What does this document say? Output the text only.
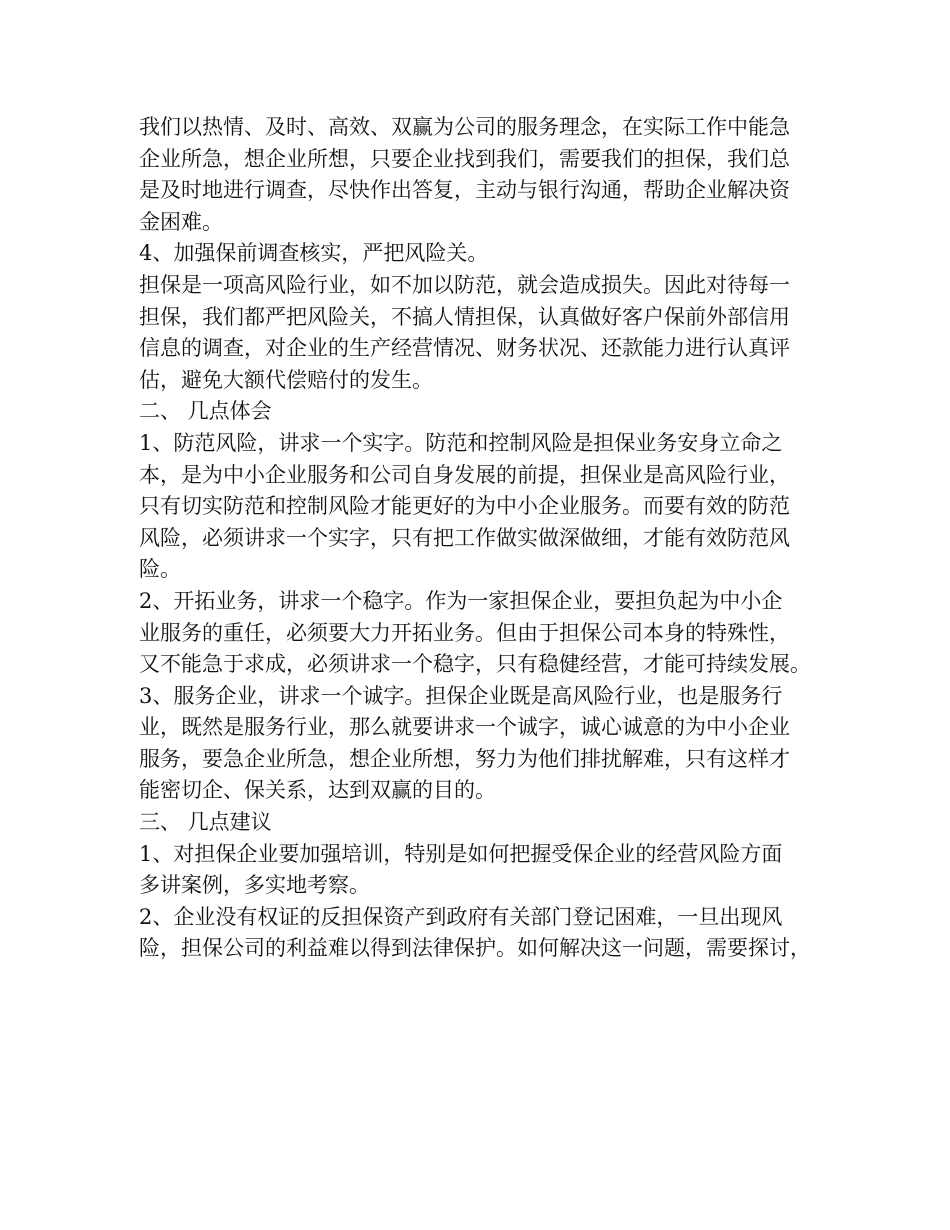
我们以热情、及时、高效、双赢为公司的服务理念，在实际工作中能急
企业所急，想企业所想，只要企业找到我们，需要我们的担保，我们总
是及时地进行调查，尽快作出答复，主动与银行沟通，帮助企业解决资
金困难。
4、加强保前调查核实，严把风险关。
担保是一项高风险行业，如不加以防范，就会造成损失。因此对待每一
担保，我们都严把风险关，不搞人情担保，认真做好客户保前外部信用
信息的调查，对企业的生产经营情况、财务状况、还款能力进行认真评
估，避免大额代偿赔付的发生。
二、 几点体会
1、防范风险，讲求一个实字。防范和控制风险是担保业务安身立命之
本，是为中小企业服务和公司自身发展的前提，担保业是高风险行业，
只有切实防范和控制风险才能更好的为中小企业服务。而要有效的防范
风险，必须讲求一个实字，只有把工作做实做深做细，才能有效防范风
险。
2、开拓业务，讲求一个稳字。作为一家担保企业，要担负起为中小企
业服务的重任，必须要大力开拓业务。但由于担保公司本身的特殊性，
又不能急于求成，必须讲求一个稳字，只有稳健经营，才能可持续发展。
3、服务企业，讲求一个诚字。担保企业既是高风险行业，也是服务行
业，既然是服务行业，那么就要讲求一个诚字，诚心诚意的为中小企业
服务，要急企业所急，想企业所想，努力为他们排扰解难，只有这样才
能密切企、保关系，达到双赢的目的。
三、 几点建议
1、对担保企业要加强培训，特别是如何把握受保企业的经营风险方面
多讲案例，多实地考察。
2、企业没有权证的反担保资产到政府有关部门登记困难，一旦出现风
险，担保公司的利益难以得到法律保护。如何解决这一问题，需要探讨，
